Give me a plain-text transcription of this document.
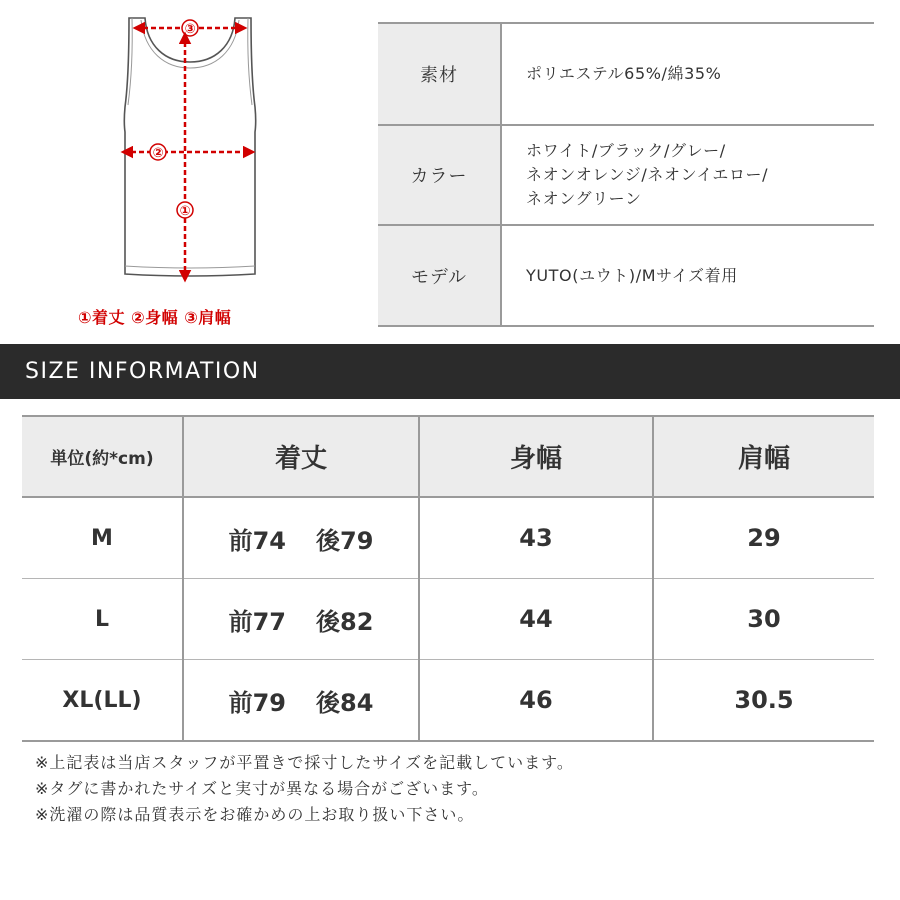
③
②
①
①着丈 ②身幅 ③肩幅
素材	ポリエステル65%/綿35%

カラー	ホワイト/ブラック/グレー/
ネオンオレンジ/ネオンイエロー/
ネオングリーン

モデル	YUTO(ユウト)/Mサイズ着用
SIZE INFORMATION
単位(約*cm)	着丈	身幅	肩幅
M	前74 後79	43	29
L	前77 後82	44	30
XL(LL)	前79 後84	46	30.5
※上記表は当店スタッフが平置きで採寸したサイズを記載しています。
※タグに書かれたサイズと実寸が異なる場合がございます。
※洗濯の際は品質表示をお確かめの上お取り扱い下さい。
